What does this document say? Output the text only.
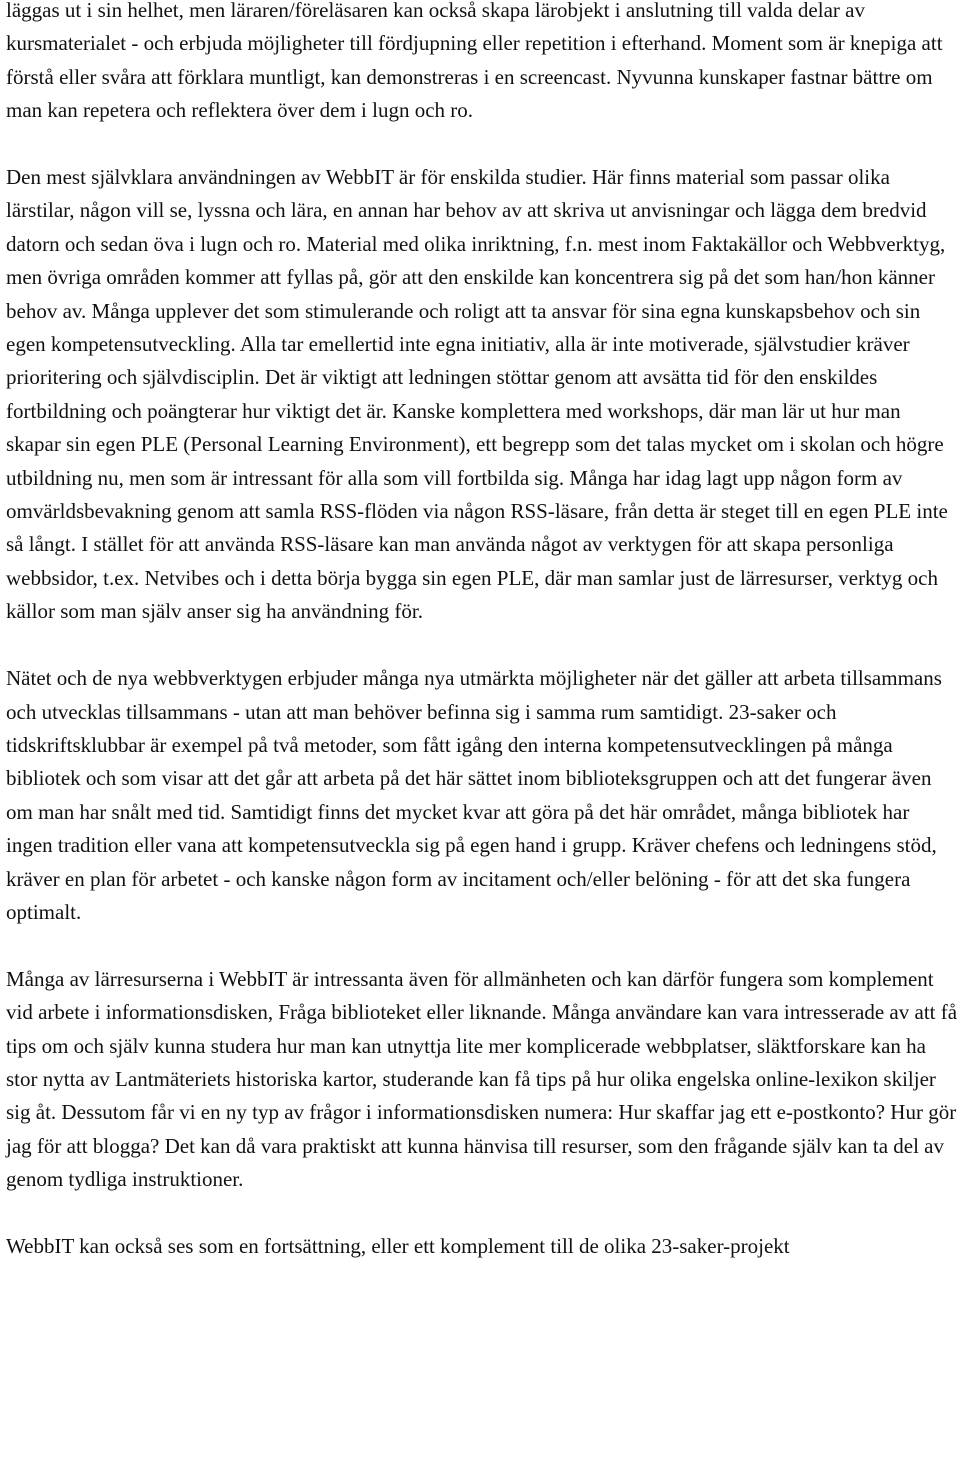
läggas ut i sin helhet, men läraren/föreläsaren kan också skapa lärobjekt i anslutning till valda delar av kursmaterialet - och erbjuda möjligheter till fördjupning eller repetition i efterhand. Moment som är knepiga att förstå eller svåra att förklara muntligt, kan demonstreras i en screencast. Nyvunna kunskaper fastnar bättre om man kan repetera och reflektera över dem i lugn och ro.

Den mest självklara användningen av WebbIT är för enskilda studier. Här finns material som passar olika lärstilar, någon vill se, lyssna och lära, en annan har behov av att skriva ut anvisningar och lägga dem bredvid datorn och sedan öva i lugn och ro. Material med olika inriktning, f.n. mest inom Faktakällor och Webbverktyg, men övriga områden kommer att fyllas på, gör att den enskilde kan koncentrera sig på det som han/hon känner behov av. Många upplever det som stimulerande och roligt att ta ansvar för sina egna kunskapsbehov och sin egen kompetensutveckling. Alla tar emellertid inte egna initiativ, alla är inte motiverade, självstudier kräver prioritering och självdisciplin. Det är viktigt att ledningen stöttar genom att avsätta tid för den enskildes fortbildning och poängterar hur viktigt det är. Kanske komplettera med workshops, där man lär ut hur man skapar sin egen PLE (Personal Learning Environment), ett begrepp som det talas mycket om i skolan och högre utbildning nu, men som är intressant för alla som vill fortbilda sig. Många har idag lagt upp någon form av omvärldsbevakning genom att samla RSS-flöden via någon RSS-läsare, från detta är steget till en egen PLE inte så långt. I stället för att använda RSS-läsare kan man använda något av verktygen för att skapa personliga webbsidor, t.ex. Netvibes och i detta börja bygga sin egen PLE, där man samlar just de lärresurser, verktyg och källor som man själv anser sig ha användning för.

Nätet och de nya webbverktygen erbjuder många nya utmärkta möjligheter när det gäller att arbeta tillsammans och utvecklas tillsammans - utan att man behöver befinna sig i samma rum samtidigt. 23-saker och tidskriftsklubbar är exempel på två metoder, som fått igång den interna kompetensutvecklingen på många bibliotek och som visar att det går att arbeta på det här sättet inom biblioteksgruppen och att det fungerar även om man har snålt med tid. Samtidigt finns det mycket kvar att göra på det här området, många bibliotek har ingen tradition eller vana att kompetensutveckla sig på egen hand i grupp. Kräver chefens och ledningens stöd, kräver en plan för arbetet - och kanske någon form av incitament och/eller belöning - för att det ska fungera optimalt.

Många av lärresurserna i WebbIT är intressanta även för allmänheten och kan därför fungera som komplement vid arbete i informationsdisken, Fråga biblioteket eller liknande. Många användare kan vara intresserade av att få tips om och själv kunna studera hur man kan utnyttja lite mer komplicerade webbplatser, släktforskare kan ha stor nytta av Lantmäteriets historiska kartor, studerande kan få tips på hur olika engelska online-lexikon skiljer sig åt. Dessutom får vi en ny typ av frågor i informationsdisken numera: Hur skaffar jag ett e-postkonto? Hur gör jag för att blogga? Det kan då vara praktiskt att kunna hänvisa till resurser, som den frågande själv kan ta del av genom tydliga instruktioner.

WebbIT kan också ses som en fortsättning, eller ett komplement till de olika 23-saker-projekt
